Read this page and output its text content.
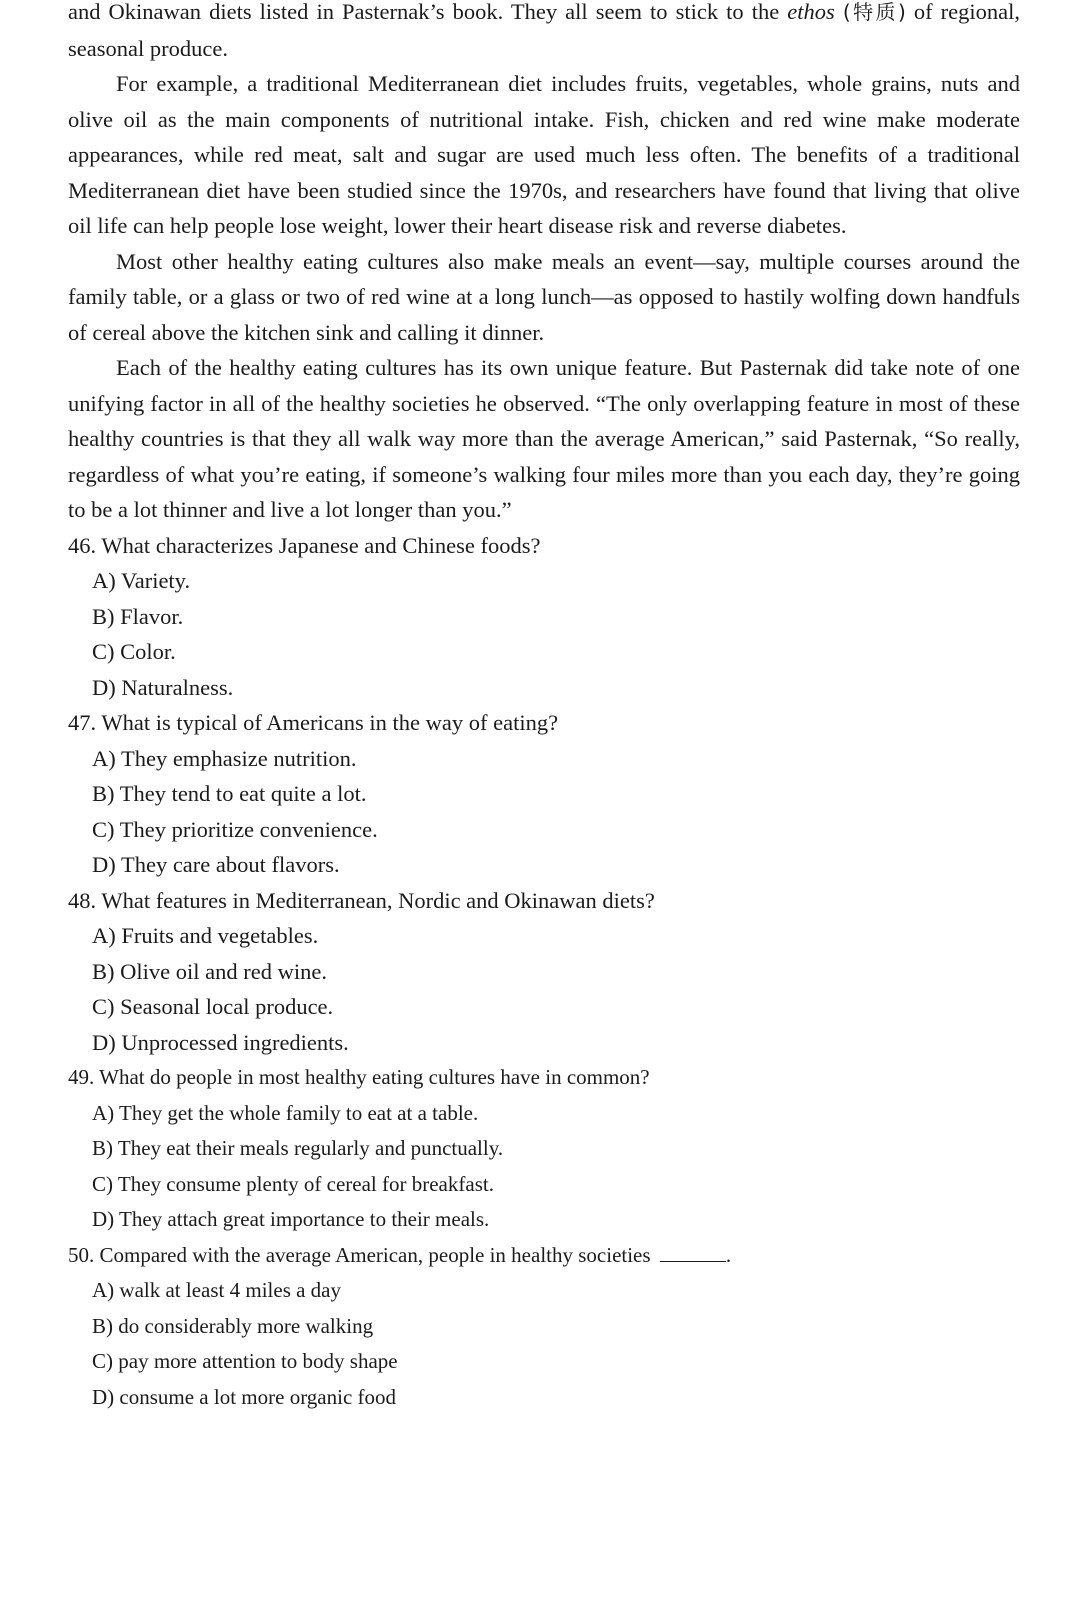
and Okinawan diets listed in Pasternak’s book. They all seem to stick to the ethos (特质) of regional, seasonal produce.

For example, a traditional Mediterranean diet includes fruits, vegetables, whole grains, nuts and olive oil as the main components of nutritional intake. Fish, chicken and red wine make moderate appearances, while red meat, salt and sugar are used much less often. The benefits of a traditional Mediterranean diet have been studied since the 1970s, and researchers have found that living that olive oil life can help people lose weight, lower their heart disease risk and reverse diabetes.

Most other healthy eating cultures also make meals an event—say, multiple courses around the family table, or a glass or two of red wine at a long lunch—as opposed to hastily wolfing down handfuls of cereal above the kitchen sink and calling it dinner.

Each of the healthy eating cultures has its own unique feature. But Pasternak did take note of one unifying factor in all of the healthy societies he observed. “The only overlapping feature in most of these healthy countries is that they all walk way more than the average American,” said Pasternak, “So really, regardless of what you’re eating, if someone’s walking four miles more than you each day, they’re going to be a lot thinner and live a lot longer than you.”

46. What characterizes Japanese and Chinese foods?

A) Variety.
B) Flavor.
C) Color.
D) Naturalness.

47. What is typical of Americans in the way of eating?

A) They emphasize nutrition.
B) They tend to eat quite a lot.
C) They prioritize convenience.
D) They care about flavors.

48. What features in Mediterranean, Nordic and Okinawan diets?

A) Fruits and vegetables.
B) Olive oil and red wine.
C) Seasonal local produce.
D) Unprocessed ingredients.

49. What do people in most healthy eating cultures have in common?

A) They get the whole family to eat at a table.
B) They eat their meals regularly and punctually.
C) They consume plenty of cereal for breakfast.
D) They attach great importance to their meals.

50. Compared with the average American, people in healthy societies	.

A) walk at least 4 miles a day
B) do considerably more walking
C) pay more attention to body shape
D) consume a lot more organic food
